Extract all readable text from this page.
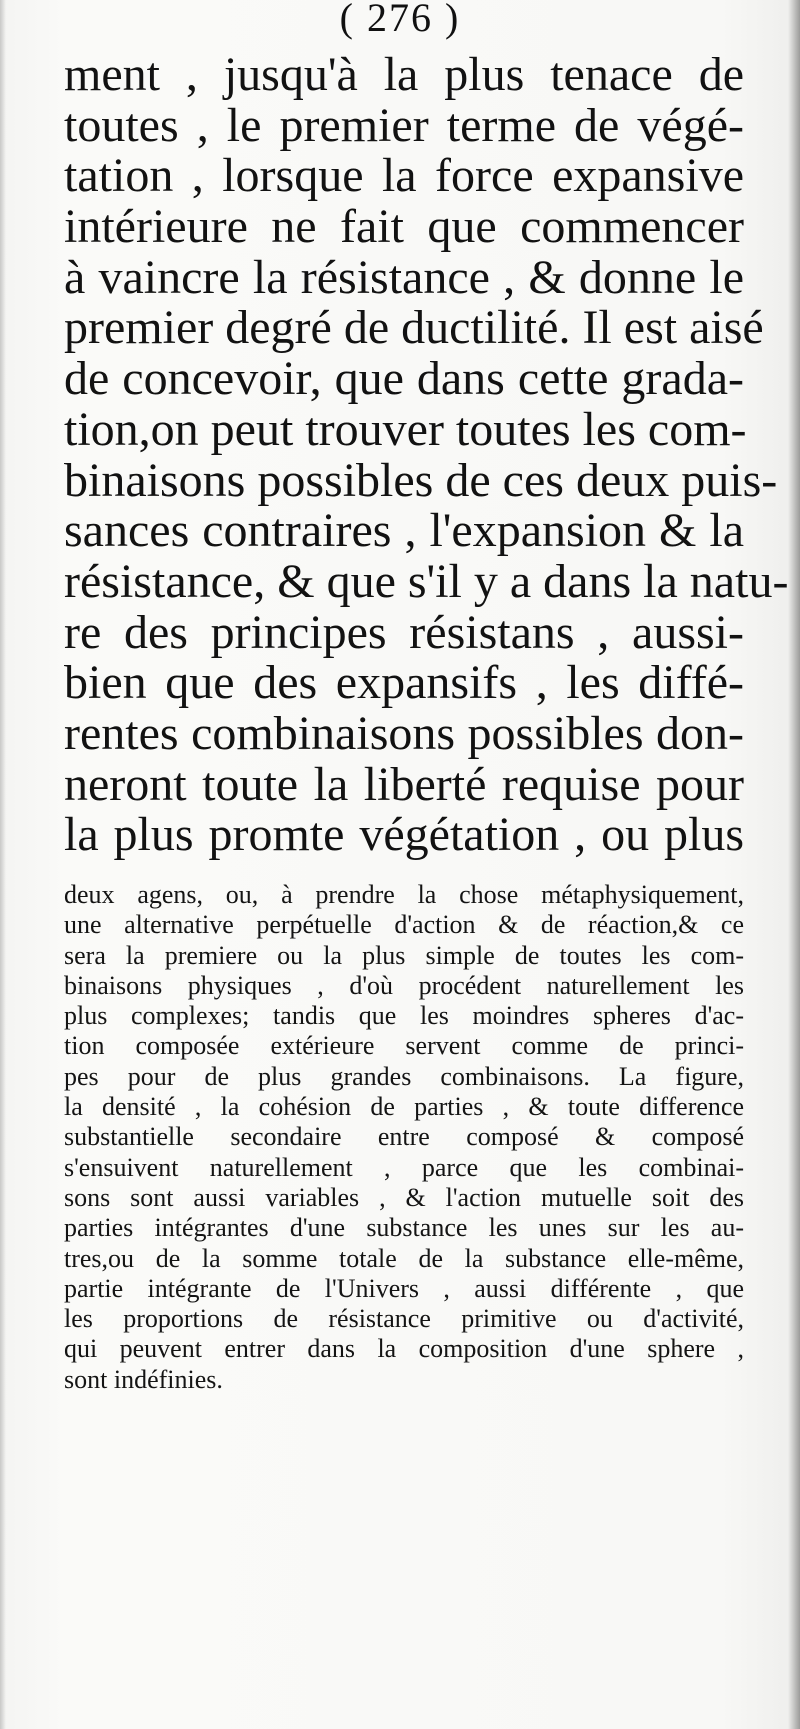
( 276 )
ment , jusqu'à la plus tenace de
toutes , le premier terme de végé-
tation , lorsque la force expansive
intérieure ne fait que commencer
à vaincre la résistance , & donne le
premier degré de ductilité. Il est aisé
de concevoir, que dans cette grada-
tion,on peut trouver toutes les com-
binaisons possibles de ces deux puis-
sances contraires , l'expansion & la
résistance, & que s'il y a dans la natu-
re des principes résistans , aussi-
bien que des expansifs , les diffé-
rentes combinaisons possibles don-
neront toute la liberté requise pour
la plus promte végétation , ou plus
deux agens, ou, à prendre la chose métaphysiquement,
une alternative perpétuelle d'action & de réaction,& ce
sera la premiere ou la plus simple de toutes les com-
binaisons physiques , d'où procédent naturellement les
plus complexes; tandis que les moindres spheres d'ac-
tion composée extérieure servent comme de princi-
pes pour de plus grandes combinaisons. La figure,
la densité , la cohésion de parties , & toute difference
substantielle secondaire entre composé & composé
s'ensuivent naturellement , parce que les combinai-
sons sont aussi variables , & l'action mutuelle soit des
parties intégrantes d'une substance les unes sur les au-
tres,ou de la somme totale de la substance elle-même,
partie intégrante de l'Univers , aussi différente , que
les proportions de résistance primitive ou d'activité,
qui peuvent entrer dans la composition d'une sphere ,
sont indéfinies.
